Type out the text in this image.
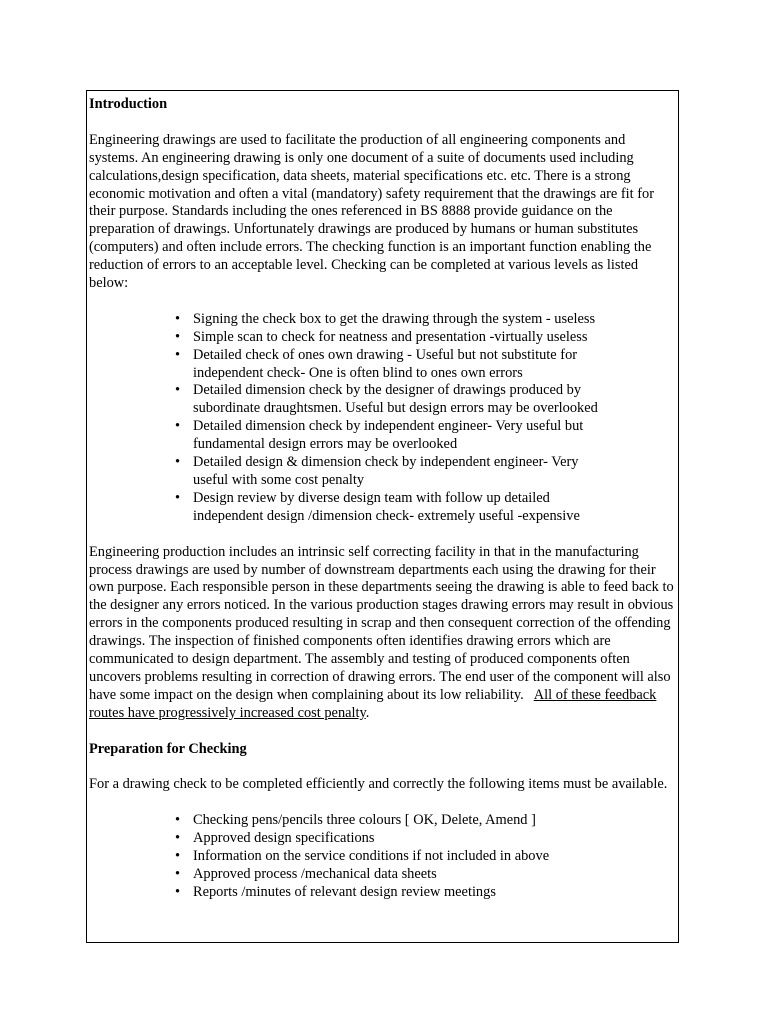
Introduction

Engineering drawings are used to facilitate the production of all engineering components and systems. An engineering drawing is only one document of a suite of documents used including calculations,design specification, data sheets, material specifications etc. etc. There is a strong economic motivation and often a vital (mandatory) safety requirement that the drawings are fit for their purpose. Standards including the ones referenced in BS 8888 provide guidance on the preparation of drawings. Unfortunately drawings are produced by humans or human substitutes (computers) and often include errors. The checking function is an important function enabling the reduction of errors to an acceptable level. Checking can be completed at various levels as listed below:

• Signing the check box to get the drawing through the system - useless
• Simple scan to check for neatness and presentation -virtually useless
• Detailed check of ones own drawing - Useful but not substitute for independent check- One is often blind to ones own errors
• Detailed dimension check by the designer of drawings produced by subordinate draughtsmen. Useful but design errors may be overlooked
• Detailed dimension check by independent engineer- Very useful but fundamental design errors may be overlooked
• Detailed design & dimension check by independent engineer- Very useful with some cost penalty
• Design review by diverse design team with follow up detailed independent design /dimension check- extremely useful -expensive

Engineering production includes an intrinsic self correcting facility in that in the manufacturing process drawings are used by number of downstream departments each using the drawing for their own purpose. Each responsible person in these departments seeing the drawing is able to feed back to the designer any errors noticed. In the various production stages drawing errors may result in obvious errors in the components produced resulting in scrap and then consequent correction of the offending drawings. The inspection of finished components often identifies drawing errors which are communicated to design department. The assembly and testing of produced components often uncovers problems resulting in correction of drawing errors. The end user of the component will also have some impact on the design when complaining about its low reliability. All of these feedback routes have progressively increased cost penalty.

Preparation for Checking

For a drawing check to be completed efficiently and correctly the following items must be available.

• Checking pens/pencils three colours [ OK, Delete, Amend ]
• Approved design specifications
• Information on the service conditions if not included in above
• Approved process /mechanical data sheets
• Reports /minutes of relevant design review meetings
